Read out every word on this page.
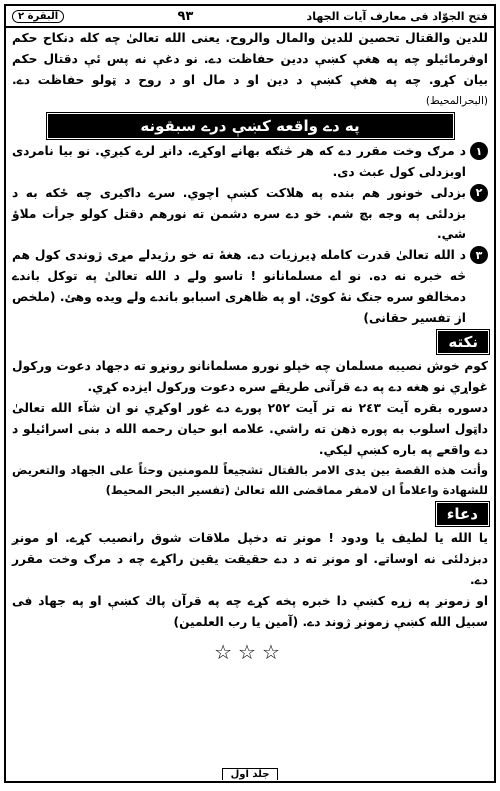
فتح الجوّاد فی معارف آیات الجهاد
۹۳
البقرة ٢

للدين والقتال تحصين للدين والمال والروح. يعنى الله تعالىٰ چه كله دنكاح حكم اوفرمائيلو چه په هغې كښې ددين حفاظت دے. نو دغې نه پس ئې دقتال حكم بيان كړو. چه په هغې كښې د دين او د مال او د روح د ټولو حفاظت دے. (البحرالمحيط)

په دے واقعه كښې درے سبقونه
١

د مرګ وخت مقرر دے كه هر څنګه بهانے اوكړے. دانړ لرے كيږي. نو بيا نامردى اوبزدلى كول عبث دى.

٢

بزدلى خونور هم بنده په هلاكت كښې اچوي. سرے داګيرى چه ځكه به د بزدلئى په وجه بچ شم. خو دے سره دشمن ته نورهم دقتل كولو جرأت ملاؤ شي.

٣

د الله تعالىٰ قدرت كامله ډيرزيات دے. هغۀ ته خو رژيدلے مړى ژوندى كول هم څه خبره نه ده. نو اے مسلمانانو ! تاسو ولے د الله تعالىٰ په توكل باندے دمخالفو سره جنګ نۀ كوئ. او په ظاهرى اسبابو باندے ولے ويده وهئ. (ملخص از تفسير حقانى)

نكته

كوم خوش نصيبه مسلمان چه خپلو نورو مسلمانانو رونړو ته دجهاد دعوت وركول غواړي نو هغه دے په دے قرآنى طريقے سره دعوت وركول ايزده كړي.

دسوره بقره آيت ٢٤٣ نه تر آيت ٢٥٢ پورے دے غور اوكړي نو ان شآء الله تعالىٰ داټول اسلوب به پوره ذهن ته راشي. علامه ابو حيان رحمه الله د بنى اسرائيلو د دے واقعے په باره كښې ليكي.

وأتت هذه القصة بين يدى الامر بالقتال تشجيعاً للمومنين وحثاً على الجهاد والتعريض للشهادة واعلاماً ان لامفر مماقضى الله تعالىٰ (تفسير البحر المحيط)

دعاء

يا الله يا لطيف يا ودود ! مونږ ته دخپل ملاقات شوق رانصيب كړے. او مونږ دبزدلئى نه اوساتے. او مونږ ته د دے حقيقت يقين راكړے چه د مرګ وخت مقرر دے.

او زمونږ په زړه كښې دا خبره پخه كړے چه په قرآن پاك كښې او په جهاد فى سبيل الله كښې زمونږ ژوند دے. (آمين يا رب العلمين)

☆☆☆
جلد اول
